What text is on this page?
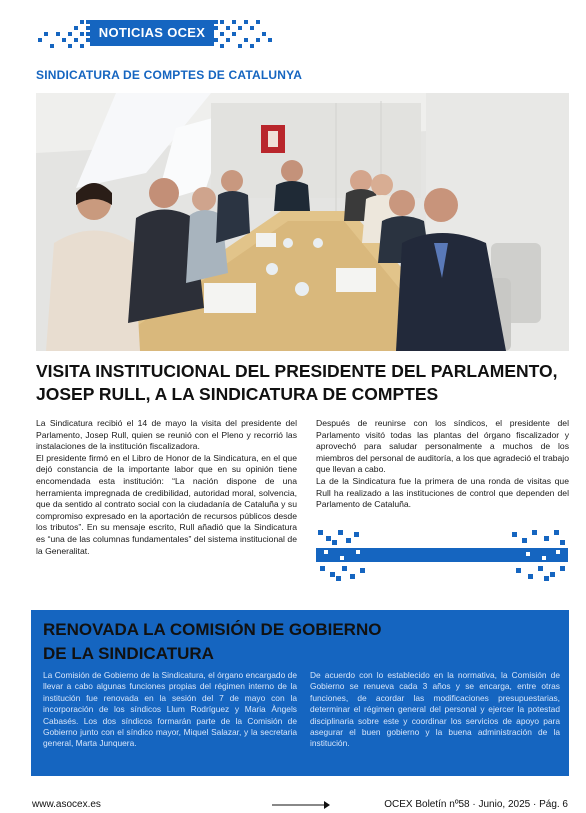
NOTICIAS OCEX
SINDICATURA DE COMPTES DE CATALUNYA
VISITA INSTITUCIONAL DEL PRESIDENTE DEL PARLAMENTO,
JOSEP RULL, A LA SINDICATURA DE COMPTES

La Sindicatura recibió el 14 de mayo la visita del presidente del Parlamento, Josep Rull, quien se reunió con el Pleno y recorrió las instalaciones de la institución fiscalizadora.

El presidente firmó en el Libro de Honor de la Sindicatura, en el que dejó constancia de la importante labor que en su opinión tiene encomendada esta institución: “La nación dispone de una herramienta impregnada de credibilidad, autoridad moral, solvencia, que da sentido al contrato social con la ciudadanía de Cataluña y su compromiso expresado en la aportación de recursos públicos desde los tributos”. En su mensaje escrito, Rull añadió que la Sindicatura es “una de las columnas fundamentales” del sistema institucional de la Generalitat.

Después de reunirse con los síndicos, el presidente del Parlamento visitó todas las plantas del órgano fiscalizador y aprovechó para saludar personalmente a muchos de los miembros del personal de auditoría, a los que agradeció el trabajo que llevan a cabo.

La de la Sindicatura fue la primera de una ronda de visitas que Rull ha realizado a las instituciones de control que dependen del Parlamento de Cataluña.

RENOVADA LA COMISIÓN DE GOBIERNO
DE LA SINDICATURA

La Comisión de Gobierno de la Sindicatura, el órgano encargado de llevar a cabo algunas funciones propias del régimen interno de la institución fue renovada en la sesión del 7 de mayo con la incorporación de los síndicos Llum Rodríguez y Maria Àngels Cabasés. Los dos síndicos formarán parte de la Comisión de Gobierno junto con el síndico mayor, Miquel Salazar, y la secretaria general, Marta Junquera.

De acuerdo con lo establecido en la normativa, la Comisión de Gobierno se renueva cada 3 años y se encarga, entre otras funciones, de acordar las modificaciones presupuestarias, determinar el régimen general del personal y ejercer la potestad disciplinaria sobre este y coordinar los servicios de apoyo para asegurar el buen gobierno y la buena administración de la institución.

www.asocex.es	OCEX Boletín nº58 · Junio, 2025 · Pág. 6
